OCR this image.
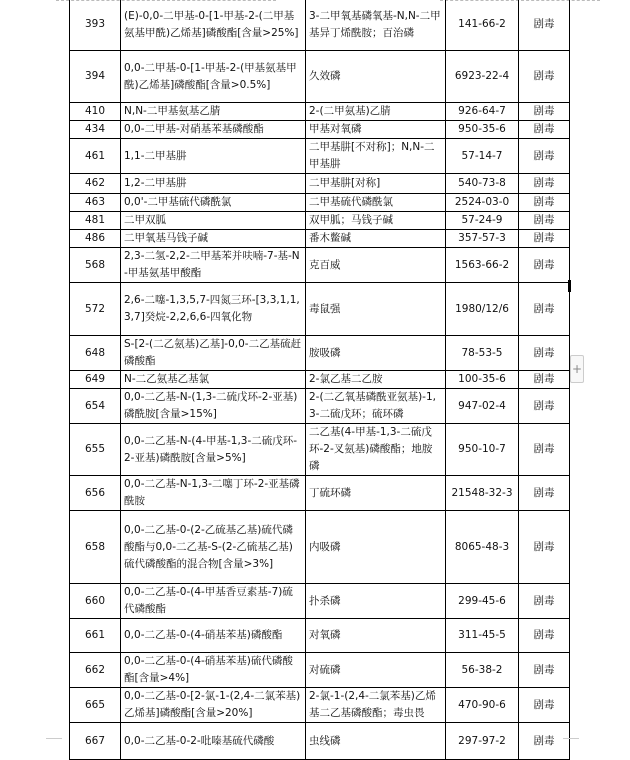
393	(E)-0,0-二甲基-0-[1-甲基-2-(二甲基氨基甲酰)乙烯基]磷酸酯[含量>25%]	3-二甲氧基磷氧基-N,N-二甲基异丁烯酰胺；百治磷	141-66-2	剧毒
394	0,0-二甲基-0-[1-甲基-2-(甲基氨基甲酰)乙烯基]磷酸酯[含量>0.5%]	久效磷	6923-22-4	剧毒
410	N,N-二甲基氨基乙腈	2-(二甲氨基)乙腈	926-64-7	剧毒
434	0,0-二甲基-对硝基苯基磷酸酯	甲基对氧磷	950-35-6	剧毒
461	1,1-二甲基肼	二甲基肼[不对称]；N,N-二甲基肼	57-14-7	剧毒
462	1,2-二甲基肼	二甲基肼[对称]	540-73-8	剧毒
463	0,0'-二甲基硫代磷酰氯	二甲基硫代磷酰氯	2524-03-0	剧毒
481	二甲双胍	双甲胍；马钱子碱	57-24-9	剧毒
486	二甲氧基马钱子碱	番木鳖碱	357-57-3	剧毒
568	2,3-二氢-2,2-二甲基苯并呋喃-7-基-N-甲基氨基甲酸酯	克百威	1563-66-2	剧毒
572	2,6-二噻-1,3,5,7-四氮三环-[3,3,1,1,3,7]癸烷-2,2,6,6-四氧化物	毒鼠强	1980/12/6	剧毒
648	S-[2-(二乙氨基)乙基]-0,0-二乙基硫赶磷酸酯	胺吸磷	78-53-5	剧毒
649	N-二乙氨基乙基氯	2-氯乙基二乙胺	100-35-6	剧毒
654	0,0-二乙基-N-(1,3-二硫戊环-2-亚基)磷酰胺[含量>15%]	2-(二乙氧基磷酰亚氨基)-1,3-二硫戊环；硫环磷	947-02-4	剧毒
655	0,0-二乙基-N-(4-甲基-1,3-二硫戊环-2-亚基)磷酰胺[含量>5%]	二乙基(4-甲基-1,3-二硫戊环-2-叉氨基)磷酸酯；地胺磷	950-10-7	剧毒
656	0,0-二乙基-N-1,3-二噻丁环-2-亚基磷酰胺	丁硫环磷	21548-32-3	剧毒
658	0,0-二乙基-0-(2-乙硫基乙基)硫代磷酸酯与0,0-二乙基-S-(2-乙硫基乙基)硫代磷酸酯的混合物[含量>3%]	内吸磷	8065-48-3	剧毒
660	0,0-二乙基-0-(4-甲基香豆素基-7)硫代磷酸酯	扑杀磷	299-45-6	剧毒
661	0,0-二乙基-0-(4-硝基苯基)磷酸酯	对氧磷	311-45-5	剧毒
662	0,0-二乙基-0-(4-硝基苯基)硫代磷酸酯[含量>4%]	对硫磷	56-38-2	剧毒
665	0,0-二乙基-0-[2-氯-1-(2,4-二氯苯基)乙烯基]磷酸酯[含量>20%]	2-氯-1-(2,4-二氯苯基)乙烯基二乙基磷酸酯；毒虫畏	470-90-6	剧毒
667	0,0-二乙基-0-2-吡嗪基硫代磷酸	虫线磷	297-97-2	剧毒
+
